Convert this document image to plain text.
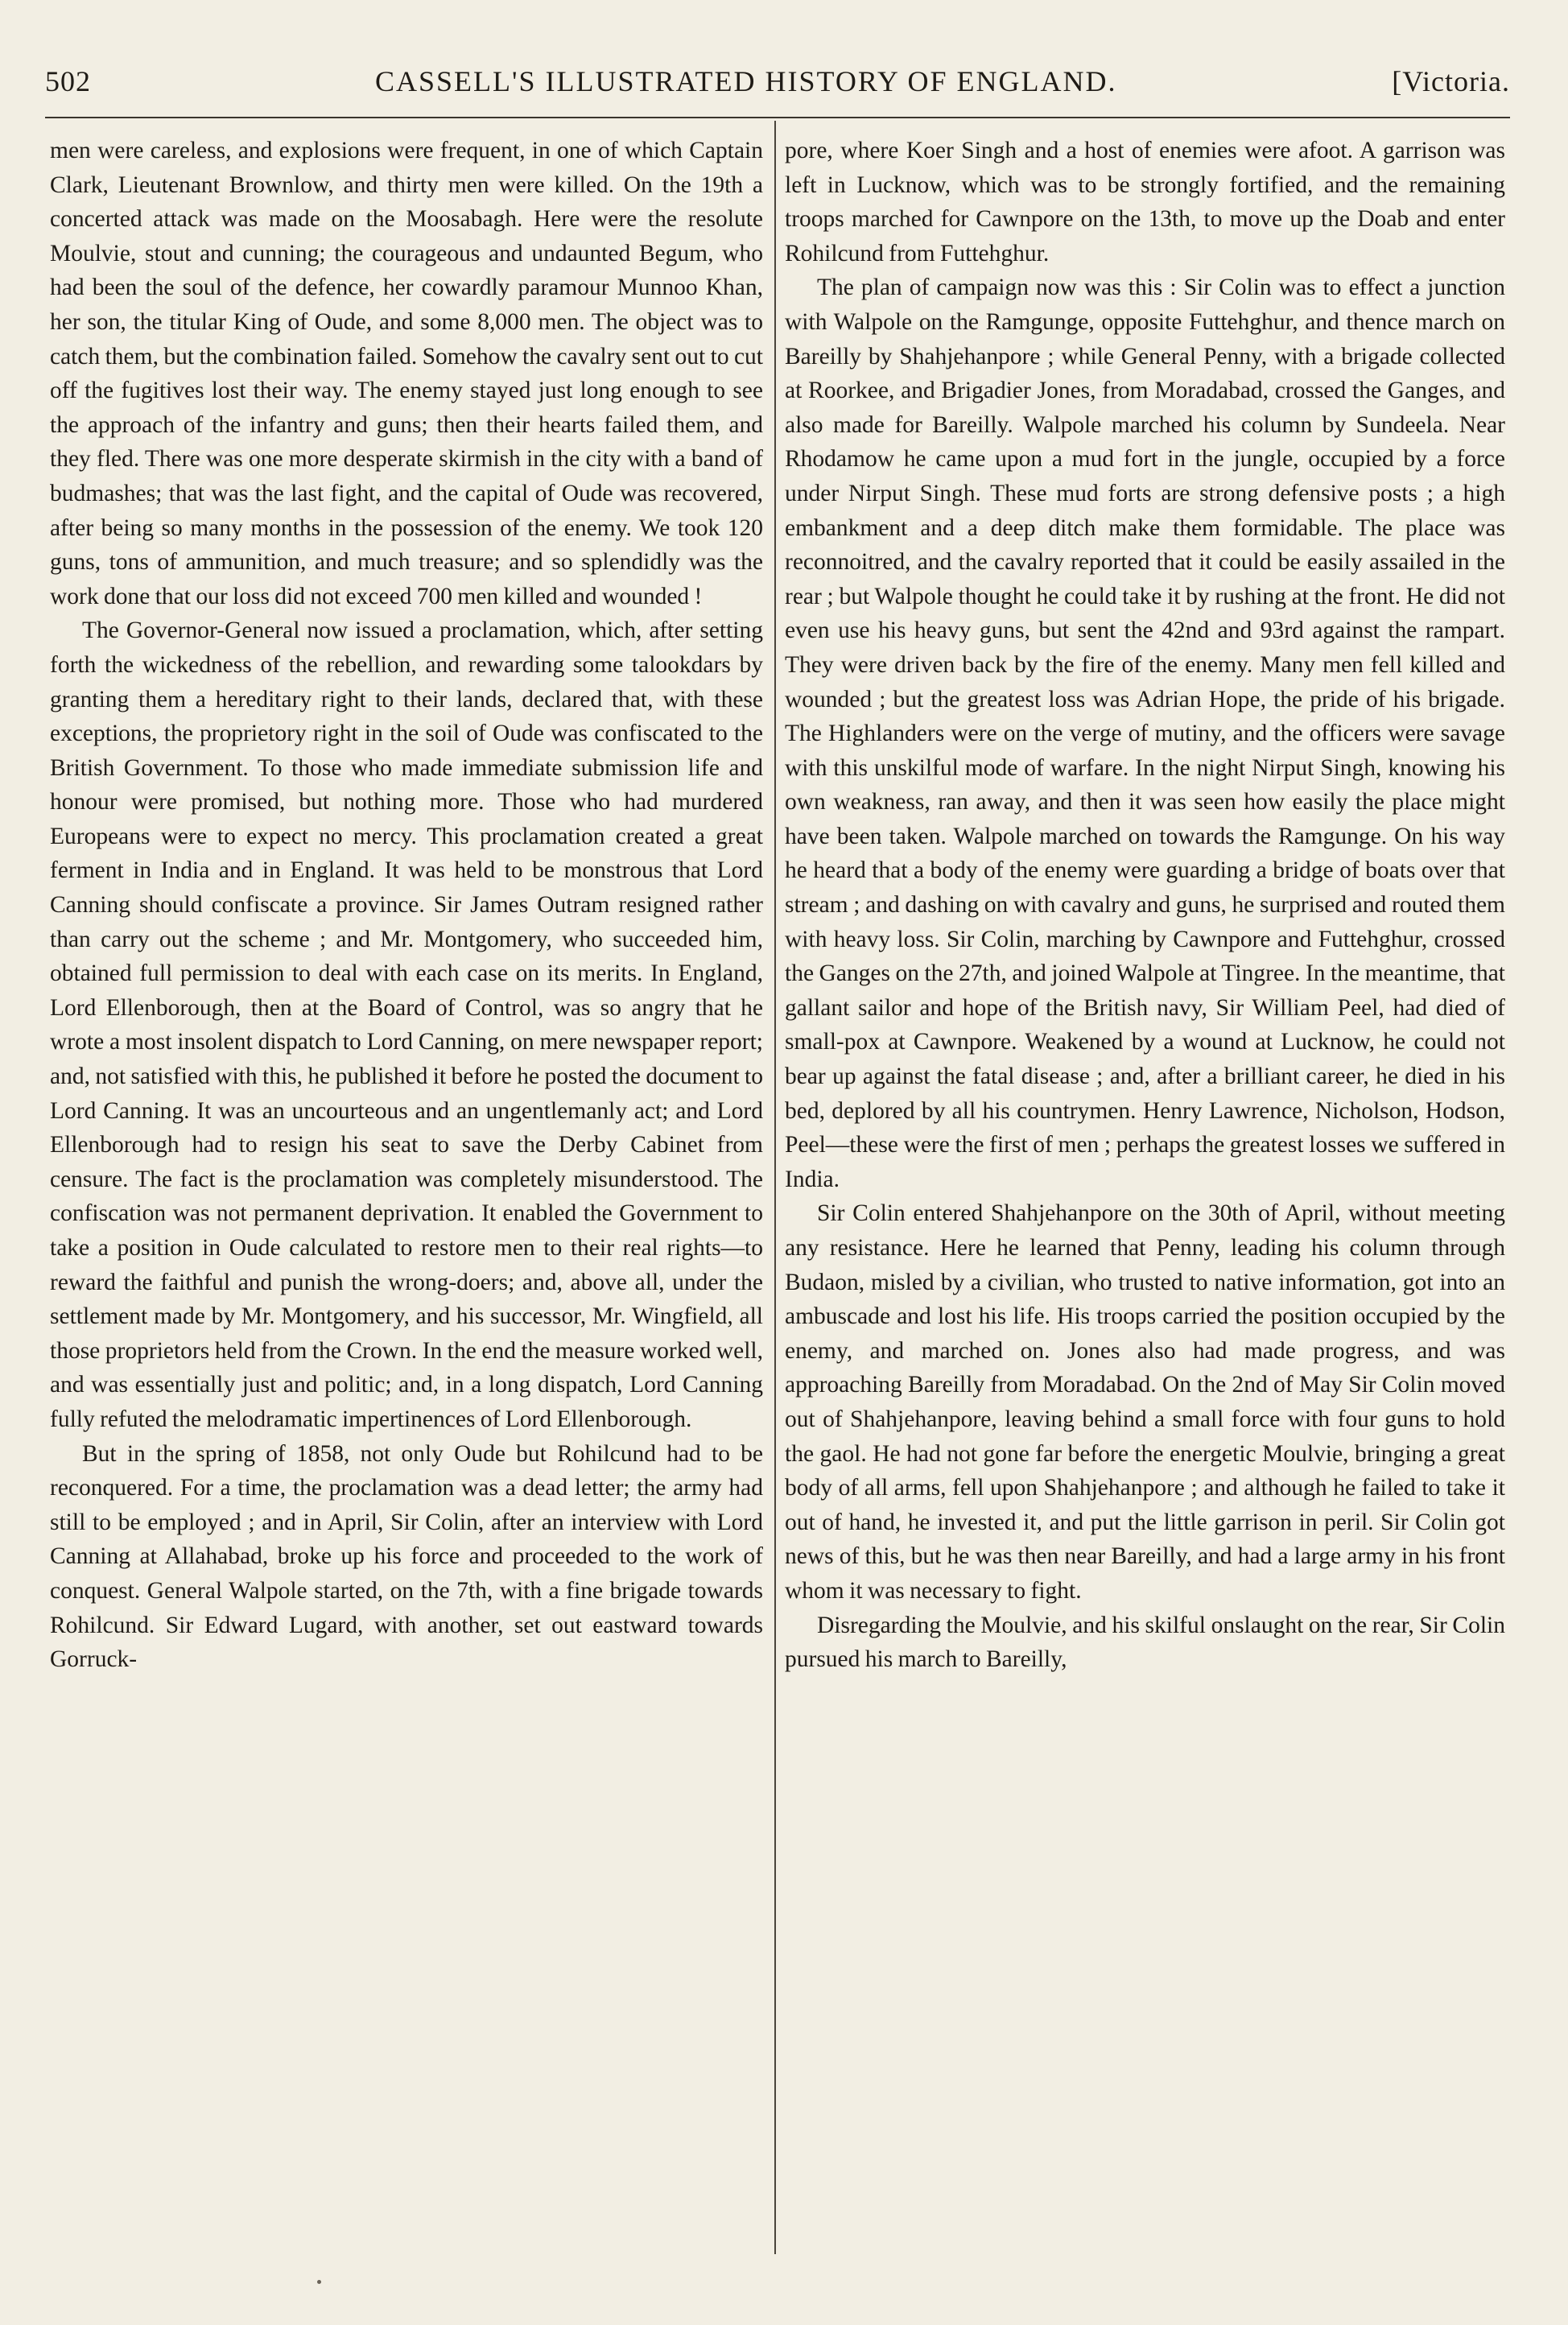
502	CASSELL'S ILLUSTRATED HISTORY OF ENGLAND.	[Victoria.

men were careless, and explosions were frequent, in one of which Captain Clark, Lieutenant Brownlow, and thirty men were killed. On the 19th a concerted attack was made on the Moosabagh. Here were the resolute Moulvie, stout and cunning; the courageous and undaunted Begum, who had been the soul of the defence, her cowardly paramour Munnoo Khan, her son, the titular King of Oude, and some 8,000 men. The object was to catch them, but the combination failed. Somehow the cavalry sent out to cut off the fugitives lost their way. The enemy stayed just long enough to see the approach of the infantry and guns; then their hearts failed them, and they fled. There was one more desperate skirmish in the city with a band of budmashes; that was the last fight, and the capital of Oude was recovered, after being so many months in the possession of the enemy. We took 120 guns, tons of ammunition, and much treasure; and so splendidly was the work done that our loss did not exceed 700 men killed and wounded !

The Governor-General now issued a proclamation, which, after setting forth the wickedness of the rebellion, and rewarding some talookdars by granting them a hereditary right to their lands, declared that, with these exceptions, the proprietory right in the soil of Oude was confiscated to the British Government. To those who made immediate submission life and honour were promised, but nothing more. Those who had murdered Europeans were to expect no mercy. This proclamation created a great ferment in India and in England. It was held to be monstrous that Lord Canning should confiscate a province. Sir James Outram resigned rather than carry out the scheme ; and Mr. Montgomery, who succeeded him, obtained full permission to deal with each case on its merits. In England, Lord Ellenborough, then at the Board of Control, was so angry that he wrote a most insolent dispatch to Lord Canning, on mere newspaper report; and, not satisfied with this, he published it before he posted the document to Lord Canning. It was an uncourteous and an ungentlemanly act; and Lord Ellenborough had to resign his seat to save the Derby Cabinet from censure. The fact is the proclamation was completely misunderstood. The confiscation was not permanent deprivation. It enabled the Government to take a position in Oude calculated to restore men to their real rights—to reward the faithful and punish the wrong-doers; and, above all, under the settlement made by Mr. Montgomery, and his successor, Mr. Wingfield, all those proprietors held from the Crown. In the end the measure worked well, and was essentially just and politic; and, in a long dispatch, Lord Canning fully refuted the melodramatic impertinences of Lord Ellenborough.

But in the spring of 1858, not only Oude but Rohilcund had to be reconquered. For a time, the proclamation was a dead letter; the army had still to be employed ; and in April, Sir Colin, after an interview with Lord Canning at Allahabad, broke up his force and proceeded to the work of conquest. General Walpole started, on the 7th, with a fine brigade towards Rohilcund. Sir Edward Lugard, with another, set out eastward towards Gorruck-

pore, where Koer Singh and a host of enemies were afoot. A garrison was left in Lucknow, which was to be strongly fortified, and the remaining troops marched for Cawnpore on the 13th, to move up the Doab and enter Rohilcund from Futtehghur.

The plan of campaign now was this : Sir Colin was to effect a junction with Walpole on the Ramgunge, opposite Futtehghur, and thence march on Bareilly by Shahjehanpore ; while General Penny, with a brigade collected at Roorkee, and Brigadier Jones, from Moradabad, crossed the Ganges, and also made for Bareilly. Walpole marched his column by Sundeela. Near Rhodamow he came upon a mud fort in the jungle, occupied by a force under Nirput Singh. These mud forts are strong defensive posts ; a high embankment and a deep ditch make them formidable. The place was reconnoitred, and the cavalry reported that it could be easily assailed in the rear ; but Walpole thought he could take it by rushing at the front. He did not even use his heavy guns, but sent the 42nd and 93rd against the rampart. They were driven back by the fire of the enemy. Many men fell killed and wounded ; but the greatest loss was Adrian Hope, the pride of his brigade. The Highlanders were on the verge of mutiny, and the officers were savage with this unskilful mode of warfare. In the night Nirput Singh, knowing his own weakness, ran away, and then it was seen how easily the place might have been taken. Walpole marched on towards the Ramgunge. On his way he heard that a body of the enemy were guarding a bridge of boats over that stream ; and dashing on with cavalry and guns, he surprised and routed them with heavy loss. Sir Colin, marching by Cawnpore and Futtehghur, crossed the Ganges on the 27th, and joined Walpole at Tingree. In the meantime, that gallant sailor and hope of the British navy, Sir William Peel, had died of small-pox at Cawnpore. Weakened by a wound at Lucknow, he could not bear up against the fatal disease ; and, after a brilliant career, he died in his bed, deplored by all his countrymen. Henry Lawrence, Nicholson, Hodson, Peel—these were the first of men ; perhaps the greatest losses we suffered in India.

Sir Colin entered Shahjehanpore on the 30th of April, without meeting any resistance. Here he learned that Penny, leading his column through Budaon, misled by a civilian, who trusted to native information, got into an ambuscade and lost his life. His troops carried the position occupied by the enemy, and marched on. Jones also had made progress, and was approaching Bareilly from Moradabad. On the 2nd of May Sir Colin moved out of Shahjehanpore, leaving behind a small force with four guns to hold the gaol. He had not gone far before the energetic Moulvie, bringing a great body of all arms, fell upon Shahjehanpore ; and although he failed to take it out of hand, he invested it, and put the little garrison in peril. Sir Colin got news of this, but he was then near Bareilly, and had a large army in his front whom it was necessary to fight.

Disregarding the Moulvie, and his skilful onslaught on the rear, Sir Colin pursued his march to Bareilly,
